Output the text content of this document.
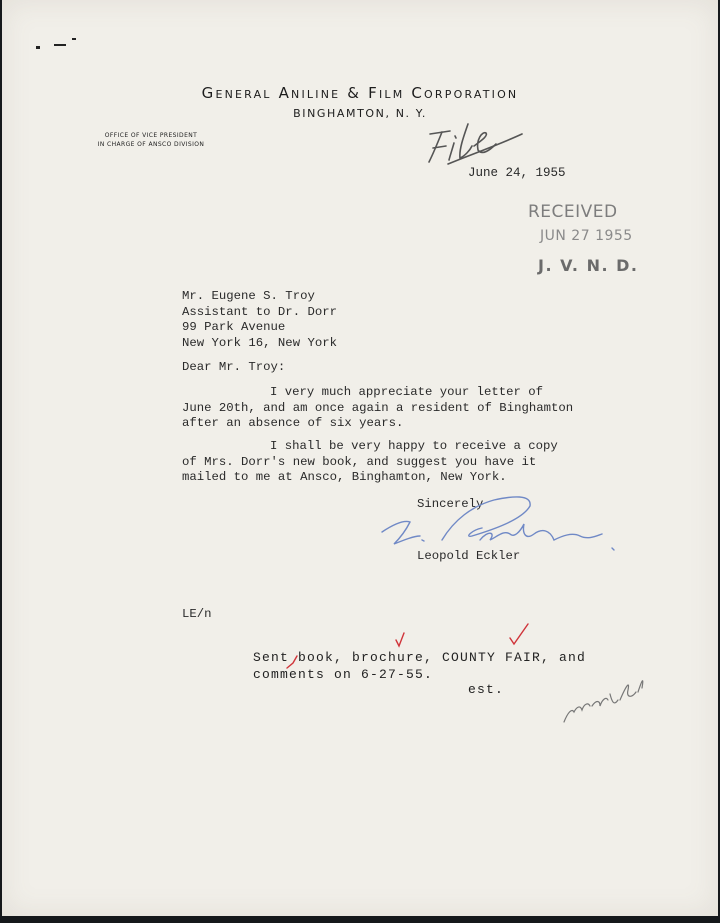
General Aniline & Film Corporation
BINGHAMTON, N. Y.
OFFICE OF VICE PRESIDENT
IN CHARGE OF ANSCO DIVISION
June 24, 1955
RECEIVED
JUN 27 1955
J. V. N. D.
Mr. Eugene S. Troy
Assistant to Dr. Dorr
99 Park Avenue
New York 16, New York
Dear Mr. Troy:
I very much appreciate your letter of
June 20th, and am once again a resident of Binghamton
after an absence of six years.
I shall be very happy to receive a copy
of Mrs. Dorr's new book, and suggest you have it
mailed to me at Ansco, Binghamton, New York.
Sincerely
Leopold Eckler
LE/n
Sent book, brochure, COUNTY FAIR, and
comments on 6-27-55.
est.
